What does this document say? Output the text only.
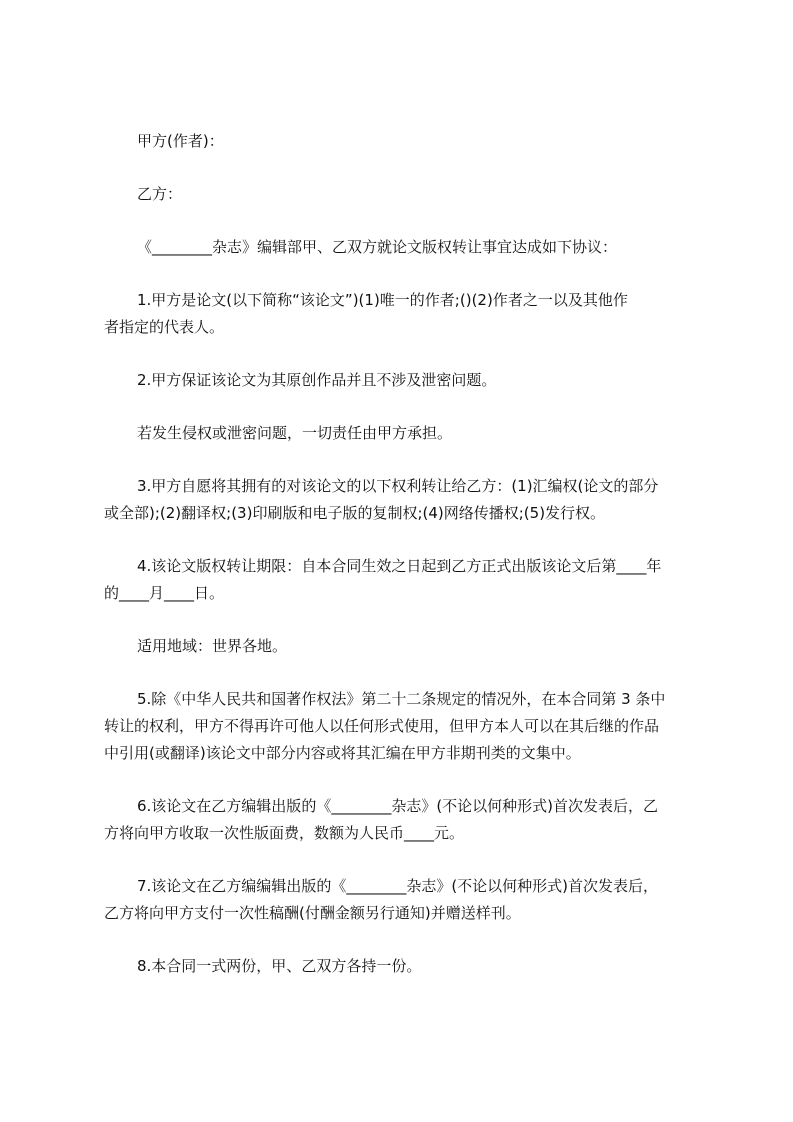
甲方(作者)：
乙方：
《________杂志》编辑部甲、乙双方就论文版权转让事宜达成如下协议：
1.甲方是论文(以下简称“该论文”)(1)唯一的作者;()(2)作者之一以及其他作
者指定的代表人。
2.甲方保证该论文为其原创作品并且不涉及泄密问题。
若发生侵权或泄密问题，一切责任由甲方承担。
3.甲方自愿将其拥有的对该论文的以下权利转让给乙方：(1)汇编权(论文的部分
或全部);(2)翻译权;(3)印刷版和电子版的复制权;(4)网络传播权;(5)发行权。
4.该论文版权转让期限：自本合同生效之日起到乙方正式出版该论文后第____年
的____月____日。
适用地域：世界各地。
5.除《中华人民共和国著作权法》第二十二条规定的情况外，在本合同第 3 条中
转让的权利，甲方不得再许可他人以任何形式使用，但甲方本人可以在其后继的作品
中引用(或翻译)该论文中部分内容或将其汇编在甲方非期刊类的文集中。
6.该论文在乙方编辑出版的《________杂志》(不论以何种形式)首次发表后，乙
方将向甲方收取一次性版面费，数额为人民币____元。
7.该论文在乙方编编辑出版的《________杂志》(不论以何种形式)首次发表后，
乙方将向甲方支付一次性稿酬(付酬金额另行通知)并赠送样刊。
8.本合同一式两份，甲、乙双方各持一份。
